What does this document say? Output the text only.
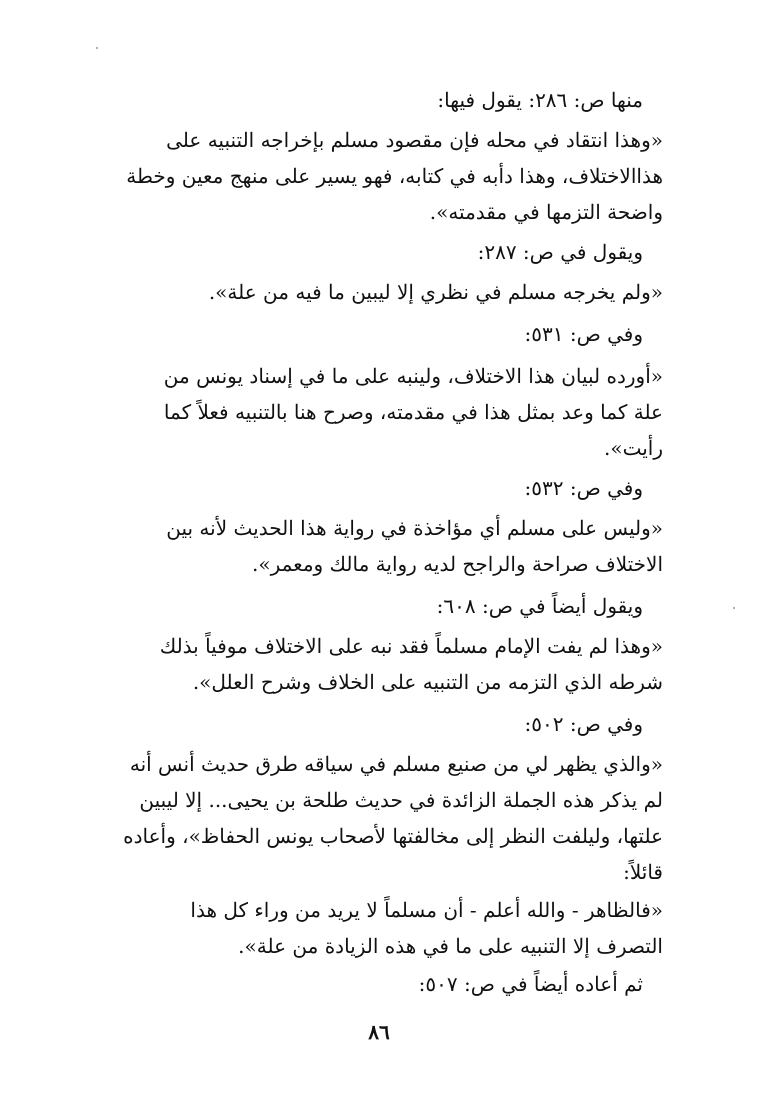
منها ص: ٢٨٦: يقول فيها:
«وهذا انتقاد في محله فإن مقصود مسلم بإخراجه التنبيه على
هذاالاختلاف، وهذا دأبه في كتابه، فهو يسير على منهج معين وخطة
واضحة التزمها في مقدمته».
ويقول في ص: ٢٨٧:
«ولم يخرجه مسلم في نظري إلا ليبين ما فيه من علة».
وفي ص: ٥٣١:
«أورده لبيان هذا الاختلاف، ولينبه على ما في إسناد يونس من
علة كما وعد بمثل هذا في مقدمته، وصرح هنا بالتنبيه فعلاً كما
رأيت».
وفي ص: ٥٣٢:
«وليس على مسلم أي مؤاخذة في رواية هذا الحديث لأنه بين
الاختلاف صراحة والراجح لديه رواية مالك ومعمر».
ويقول أيضاً في ص: ٦٠٨:
«وهذا لم يفت الإمام مسلماً فقد نبه على الاختلاف موفياً بذلك
شرطه الذي التزمه من التنبيه على الخلاف وشرح العلل».
وفي ص: ٥٠٢:
«والذي يظهر لي من صنيع مسلم في سياقه طرق حديث أنس أنه
لم يذكر هذه الجملة الزائدة في حديث طلحة بن يحيى... إلا ليبين
علتها، وليلفت النظر إلى مخالفتها لأصحاب يونس الحفاظ»، وأعاده
قائلاً:
«فالظاهر - والله أعلم - أن مسلماً لا يريد من وراء كل هذا
التصرف إلا التنبيه على ما في هذه الزيادة من علة».
ثم أعاده أيضاً في ص: ٥٠٧:
٨٦
